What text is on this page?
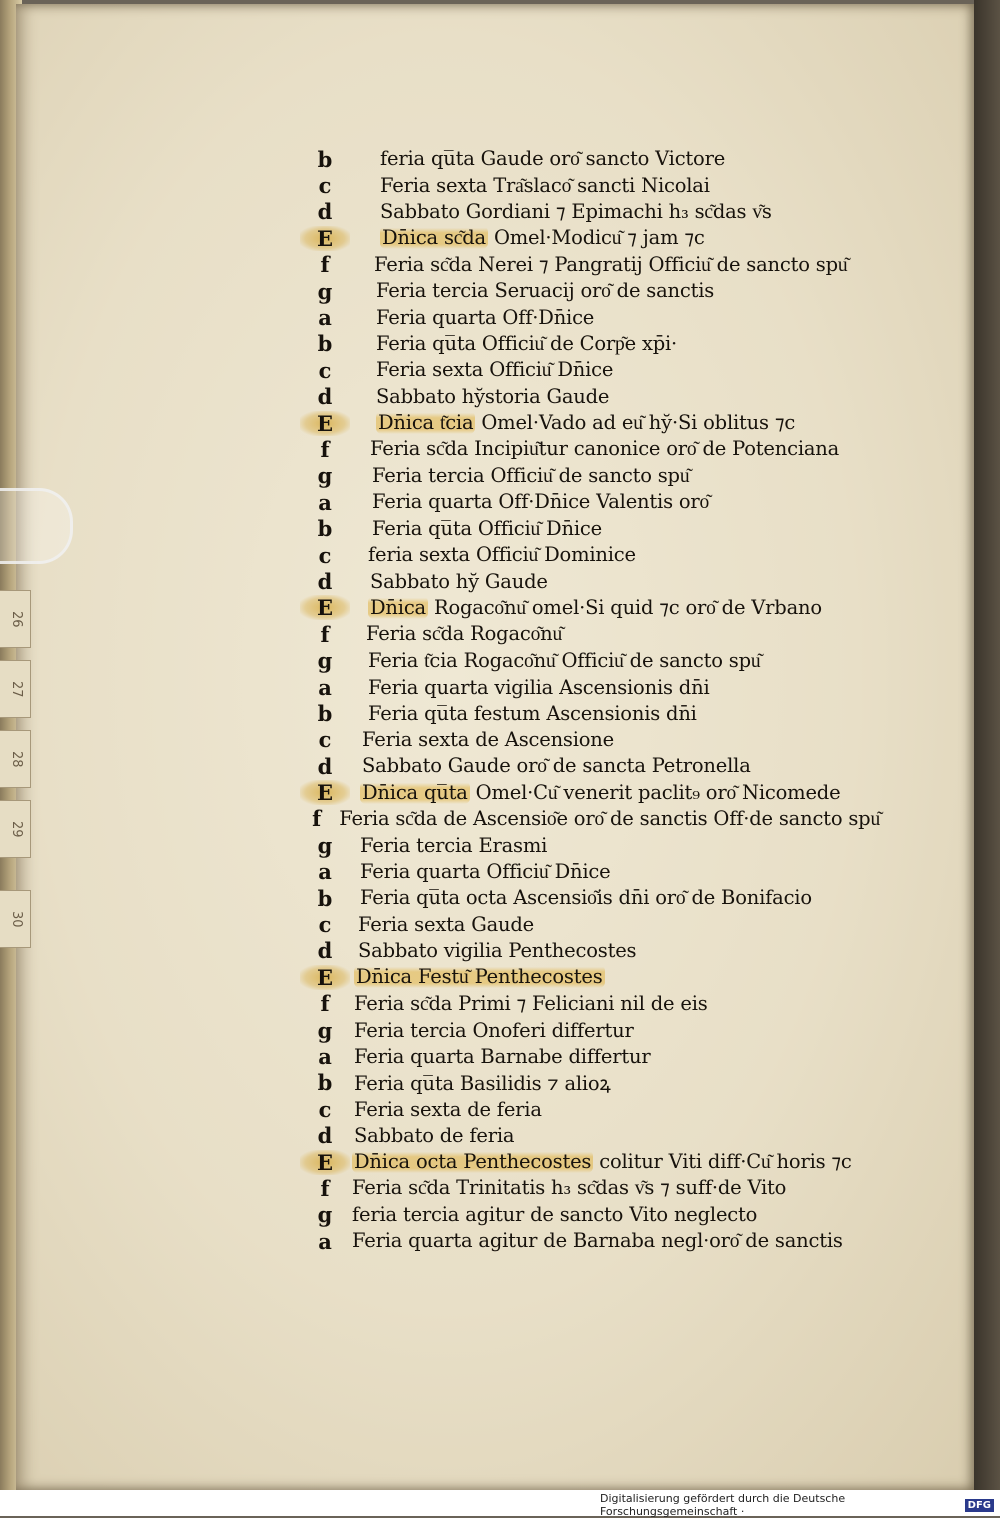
26
27
28
29
30

b	feria qu̅ta Gaude oro͂ sancto Victore
c	Feria sexta Tra͂slaco͂ sancti Nicolai
d	Sabbato Gordiani ⁊ Epimachi h₃ sc͂das v͂s
E	Dn̄ica sc͂da Omel·Modicu͂ ⁊ jam ⁊c
f	Feria sc͂da Nerei ⁊ Pangratij Officiu͂ de sancto spu͂
g	Feria tercia Seruacij oro͂ de sanctis
a	Feria quarta Off·Dn̄ice
b	Feria qu̅ta Officiu͂ de Corp͂e xp̄i·
c	Feria sexta Officiu͂ Dn̄ice
d	Sabbato hy̆storia Gaude
E	Dn̄ica t͂cia Omel·Vado ad eu͂ hy̆·Si oblitus ⁊c
f	Feria sc͂da Incipiu͂tur canonice oro͂ de Potenciana
g	Feria tercia Officiu͂ de sancto spu͂
a	Feria quarta Off·Dn̄ice Valentis oro͂
b	Feria qu̅ta Officiu͂ Dn̄ice
c	feria sexta Officiu͂ Dominice
d	Sabbato hy̆ Gaude
E	Dn̄ica Rogaco͂nu͂ omel·Si quid ⁊c oro͂ de Vrbano
f	Feria sc͂da Rogaco͂nu͂
g	Feria t͂cia Rogaco͂nu͂ Officiu͂ de sancto spu͂
a	Feria quarta vigilia Ascensionis dn̄i
b	Feria qu̅ta festum Ascensionis dn̄i
c	Feria sexta de Ascensione
d	Sabbato Gaude oro͂ de sancta Petronella
E	Dn̄ica qu̅ta Omel·Cu͂ venerit paclit₉ oro͂ Nicomede
f Feria sc͂da de Ascensio͂e oro͂ de sanctis Off·de sancto spu͂
g	Feria tercia Erasmi
a	Feria quarta Officiu͂ Dn̄ice
b	Feria qu̅ta octa Ascensio͂is dn̄i oro͂ de Bonifacio
c	Feria sexta Gaude
d	Sabbato vigilia Penthecostes
E	Dn̄ica Festu͂ Penthecostes
f	Feria sc͂da Primi ⁊ Feliciani nil de eis
g	Feria tercia Onoferi differtur
a	Feria quarta Barnabe differtur
b	Feria qu̅ta Basilidis ⁊ alioꝝ
c	Feria sexta de feria
d	Sabbato de feria
E	Dn̄ica octa Penthecostes colitur Viti diff·Cu͂ horis ⁊c
f	Feria sc͂da Trinitatis h₃ sc͂das v͂s ⁊ suff·de Vito
g	feria tercia agitur de sancto Vito neglecto
a	Feria quarta agitur de Barnaba negl·oro͂ de sanctis
Digitalisierung gefördert durch die Deutsche Forschungsgemeinschaft ·	DFG
